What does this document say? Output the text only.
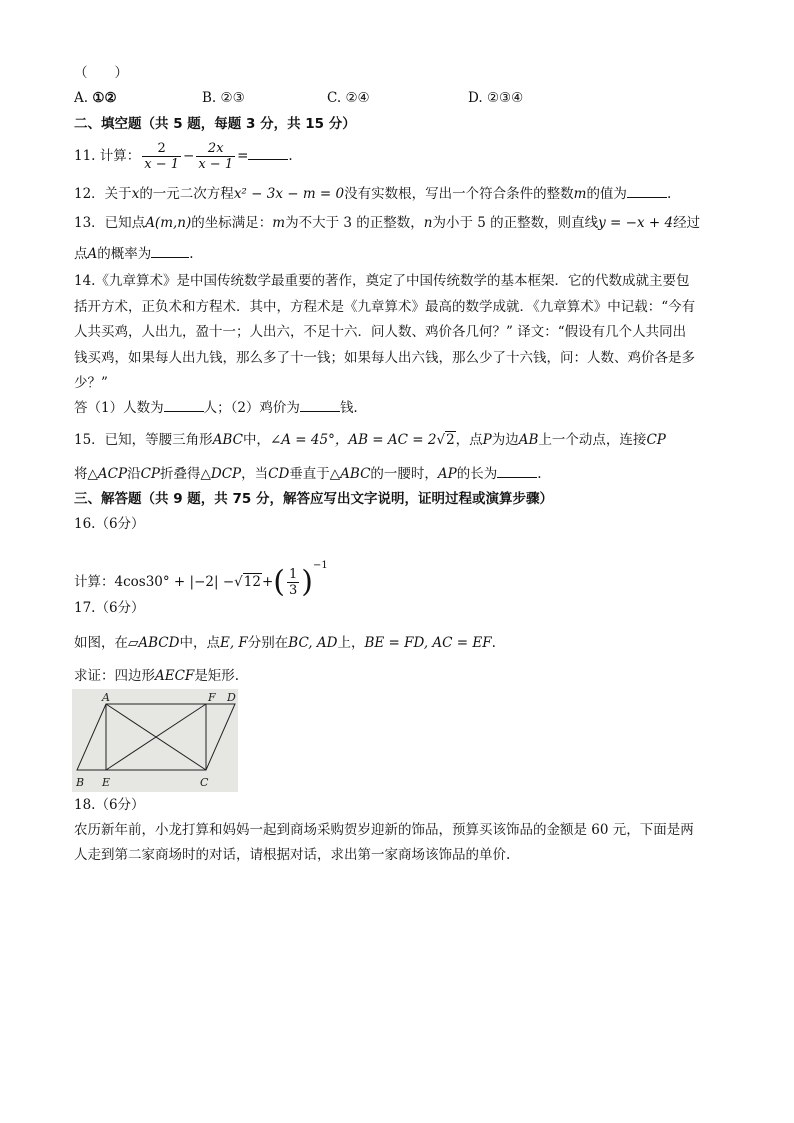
（　　）
A. ①②	B. ②③	C. ②④	D. ②③④
二、填空题（共 5 题，每题 3 分，共 15 分）
11. 计算： $\frac{2}{x - 1} - \frac{2x}{x - 1}$ =	.
12．关于x的一元二次方程x² − 3x − m = 0没有实数根，写出一个符合条件的整数m的值为	.
13．已知点A(m,n)的坐标满足：m为不大于 3 的正整数，n为小于 5 的正整数，则直线y = −x + 4经过
点A的概率为	.
14.《九章算术》是中国传统数学最重要的著作，奠定了中国传统数学的基本框架．它的代数成就主要包
括开方术，正负术和方程术．其中，方程术是《九章算术》最高的数学成就．《九章算术》中记载：“今有
人共买鸡，人出九，盈十一；人出六，不足十六．问人数、鸡价各几何？” 译文：“假设有几个人共同出
钱买鸡，如果每人出九钱，那么多了十一钱；如果每人出六钱，那么少了十六钱，问：人数、鸡价各是多
少？”
答（1）人数为	人；（2）鸡价为	钱.
15．已知，等腰三角形ABC中，∠A = 45°，AB = AC = 2√2，点P为边AB上一个动点，连接CP
将△ACP沿CP折叠得△DCP，当CD垂直于△ABC的一腰时，AP的长为	.
三、解答题（共 9 题，共 75 分，解答应写出文字说明，证明过程或演算步骤）
16.（6分）
计算：$4\cos 30^\circ + |-2| -√12+( \frac{1}{3} )^{-1}$
17.（6分）
如图，在▱ABCD中，点E, F分别在BC, AD上，BE = FD, AC = EF.
求证：四边形AECF是矩形.
A	F D
B E	C
18.（6分）
农历新年前，小龙打算和妈妈一起到商场采购贺岁迎新的饰品，预算买该饰品的金额是 60 元，下面是两
人走到第二家商场时的对话，请根据对话，求出第一家商场该饰品的单价.
